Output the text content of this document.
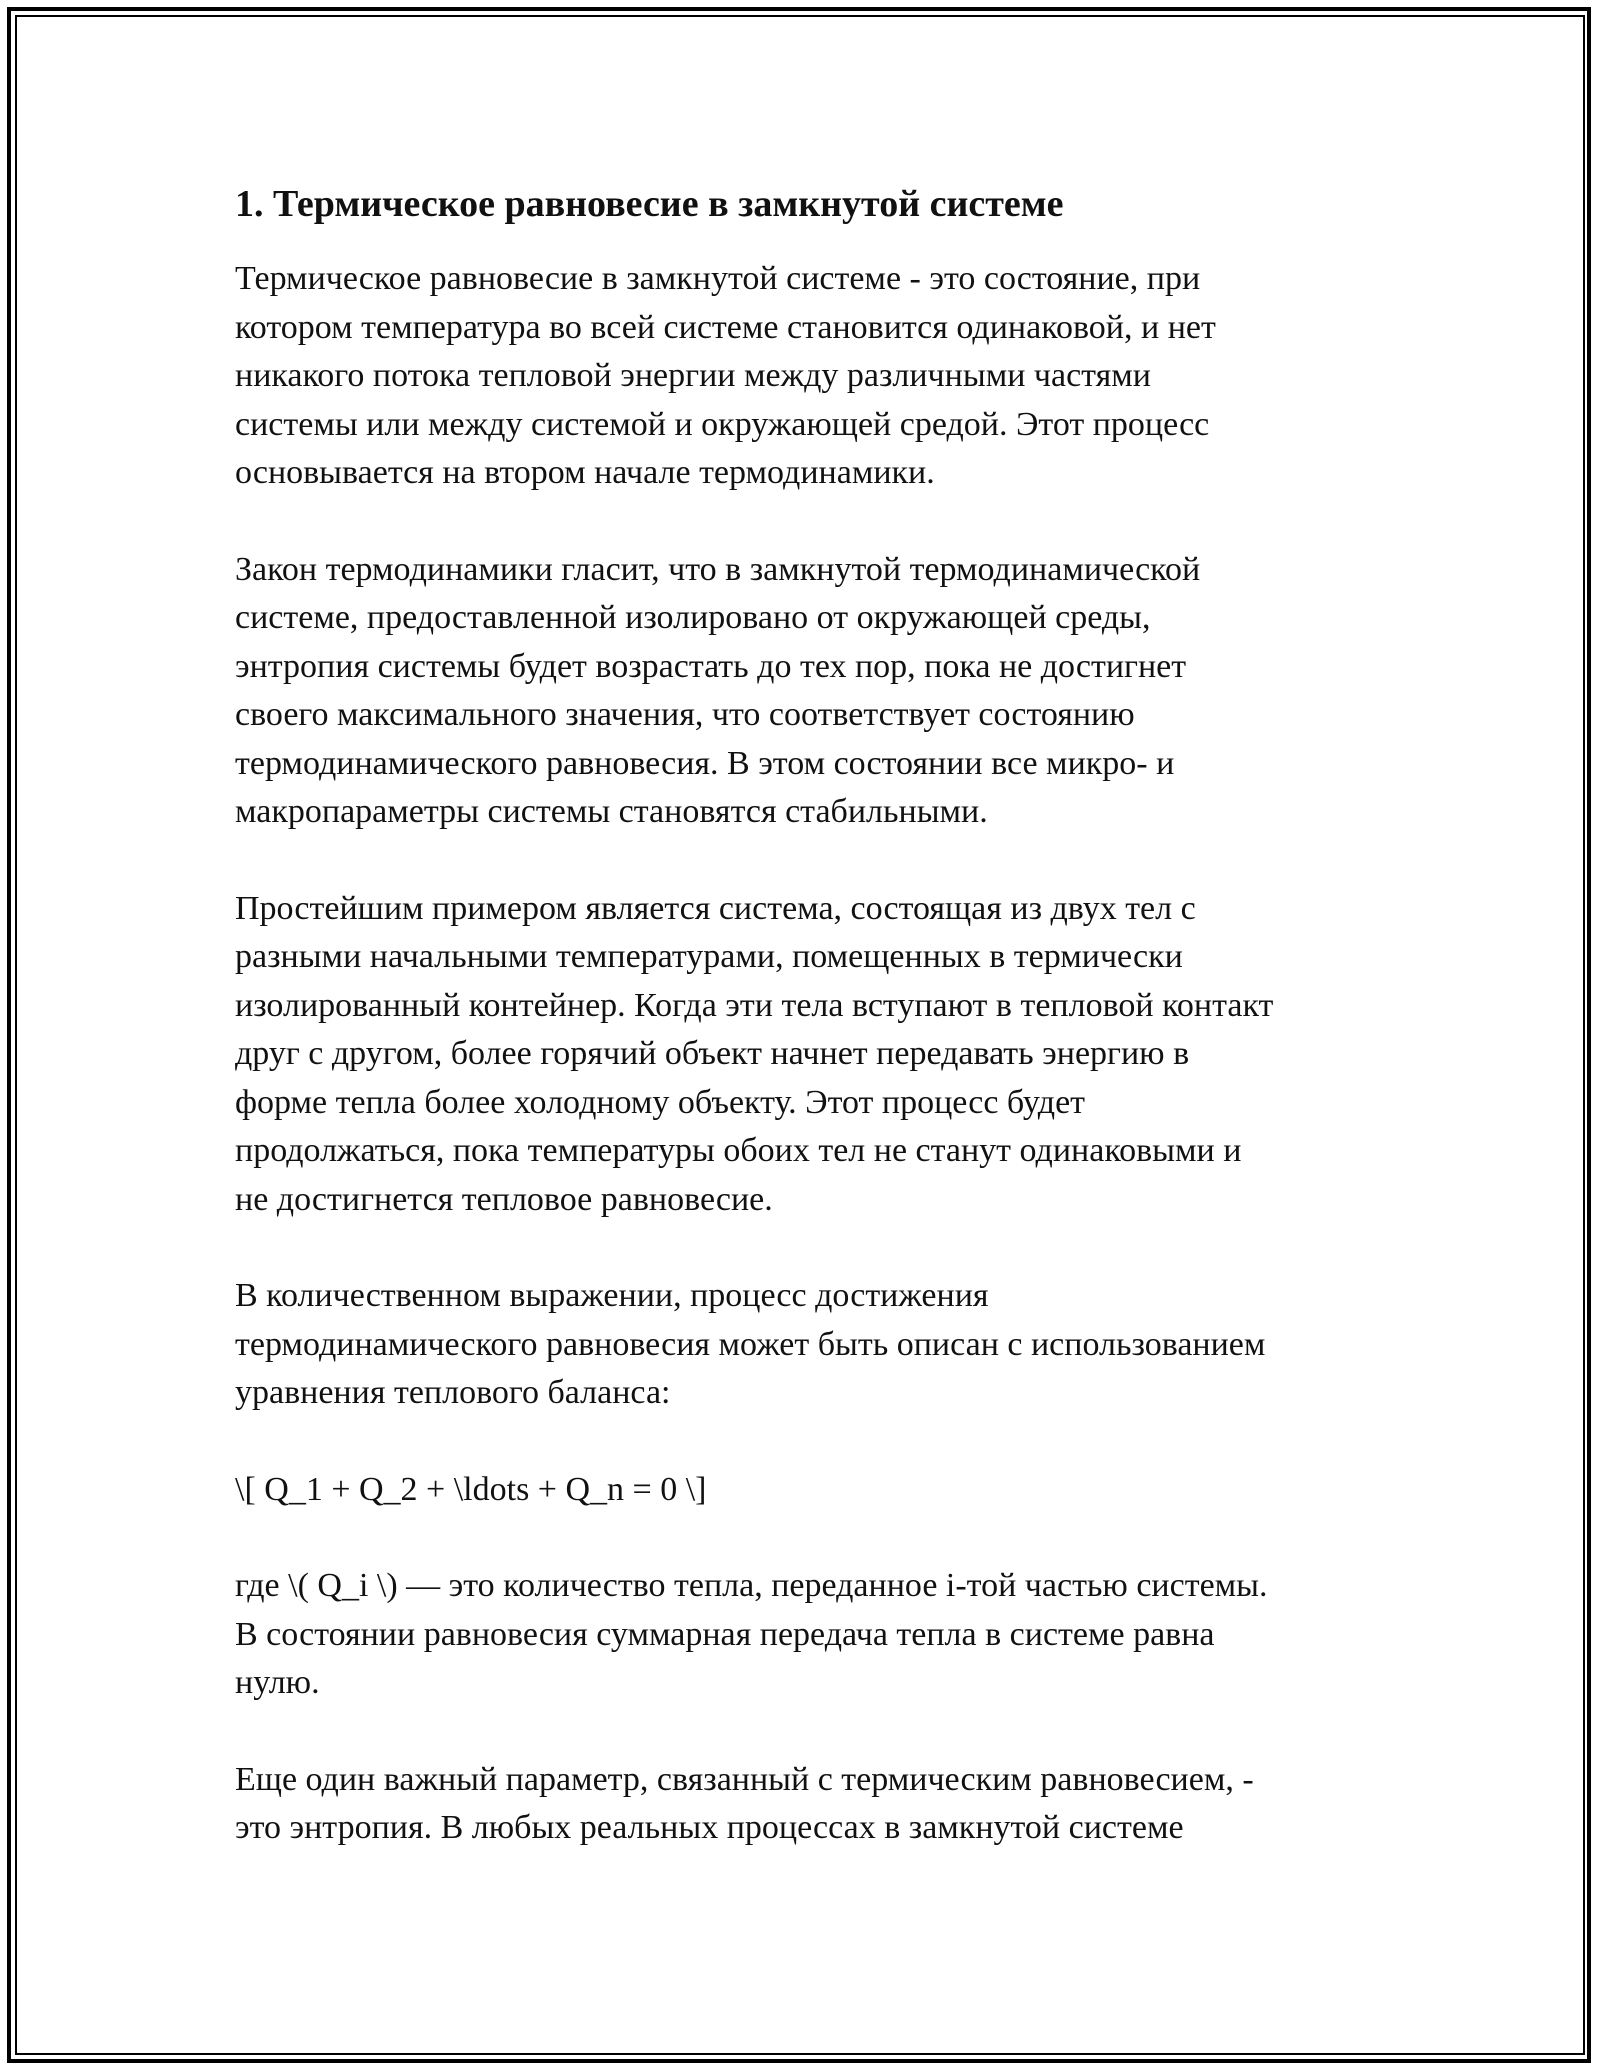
1. Термическое равновесие в замкнутой системе

Термическое равновесие в замкнутой системе - это состояние, при
котором температура во всей системе становится одинаковой, и нет
никакого потока тепловой энергии между различными частями
системы или между системой и окружающей средой. Этот процесс
основывается на втором начале термодинамики.

Закон термодинамики гласит, что в замкнутой термодинамической
системе, предоставленной изолировано от окружающей среды,
энтропия системы будет возрастать до тех пор, пока не достигнет
своего максимального значения, что соответствует состоянию
термодинамического равновесия. В этом состоянии все микро- и
макропараметры системы становятся стабильными.

Простейшим примером является система, состоящая из двух тел с
разными начальными температурами, помещенных в термически
изолированный контейнер. Когда эти тела вступают в тепловой контакт
друг с другом, более горячий объект начнет передавать энергию в
форме тепла более холодному объекту. Этот процесс будет
продолжаться, пока температуры обоих тел не станут одинаковыми и
не достигнется тепловое равновесие.

В количественном выражении, процесс достижения
термодинамического равновесия может быть описан с использованием
уравнения теплового баланса:

\[ Q_1 + Q_2 + \ldots + Q_n = 0 \]

где \( Q_i \) — это количество тепла, переданное i-той частью системы.
В состоянии равновесия суммарная передача тепла в системе равна
нулю.

Еще один важный параметр, связанный с термическим равновесием, -
это энтропия. В любых реальных процессах в замкнутой системе
